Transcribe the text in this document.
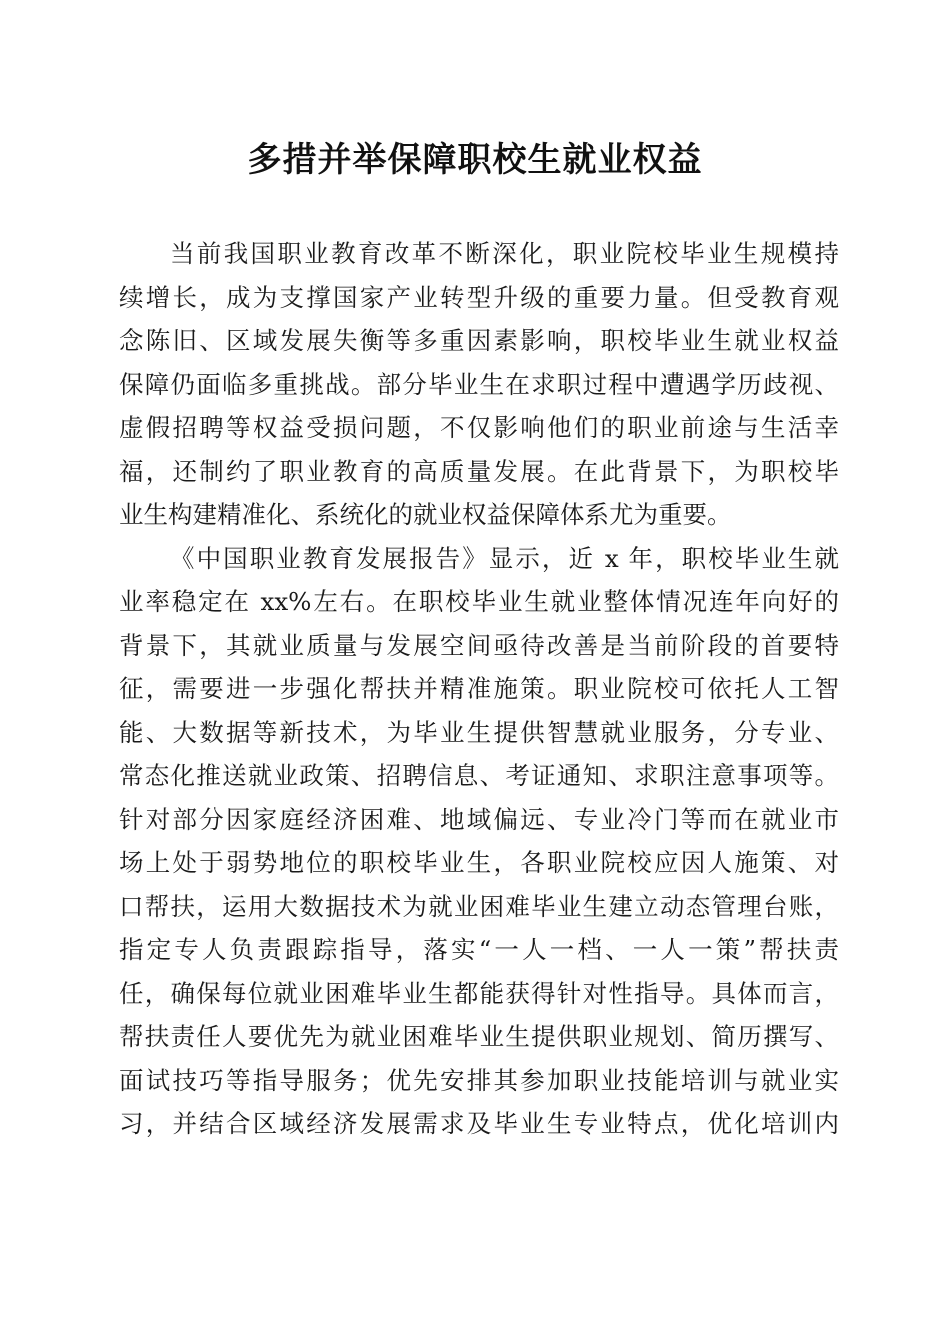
多措并举保障职校生就业权益
当前我国职业教育改革不断深化，职业院校毕业生规模持
续增长，成为支撑国家产业转型升级的重要力量。但受教育观
念陈旧、区域发展失衡等多重因素影响，职校毕业生就业权益
保障仍面临多重挑战。部分毕业生在求职过程中遭遇学历歧视、
虚假招聘等权益受损问题，不仅影响他们的职业前途与生活幸
福，还制约了职业教育的高质量发展。在此背景下，为职校毕
业生构建精准化、系统化的就业权益保障体系尤为重要。
《中国职业教育发展报告》显示，近 x 年，职校毕业生就
业率稳定在 xx%左右。在职校毕业生就业整体情况连年向好的
背景下，其就业质量与发展空间亟待改善是当前阶段的首要特
征，需要进一步强化帮扶并精准施策。职业院校可依托人工智
能、大数据等新技术，为毕业生提供智慧就业服务，分专业、
常态化推送就业政策、招聘信息、考证通知、求职注意事项等。
针对部分因家庭经济困难、地域偏远、专业冷门等而在就业市
场上处于弱势地位的职校毕业生，各职业院校应因人施策、对
口帮扶，运用大数据技术为就业困难毕业生建立动态管理台账，
指定专人负责跟踪指导，落实“一人一档、一人一策”帮扶责
任，确保每位就业困难毕业生都能获得针对性指导。具体而言，
帮扶责任人要优先为就业困难毕业生提供职业规划、简历撰写、
面试技巧等指导服务；优先安排其参加职业技能培训与就业实
习，并结合区域经济发展需求及毕业生专业特点，优化培训内
